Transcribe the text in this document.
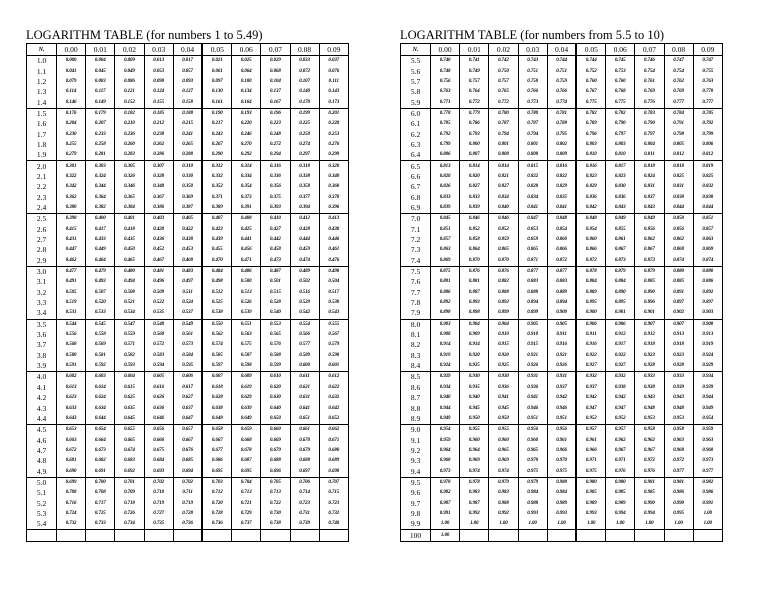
LOGARITHM TABLE (for numbers 1 to 5.49)
N.	0.00	0.01	0.02	0.03	0.04	0.05	0.06	0.07	0.08	0.09
1.0	0.000	0.004	0.009	0.013	0.017	0.021	0.025	0.029	0.033	0.037
1.1	0.041	0.045	0.049	0.053	0.057	0.061	0.064	0.068	0.072	0.076
1.2	0.079	0.083	0.086	0.090	0.093	0.097	0.100	0.104	0.107	0.111
1.3	0.114	0.117	0.121	0.124	0.127	0.130	0.134	0.137	0.140	0.143
1.4	0.146	0.149	0.152	0.155	0.158	0.161	0.164	0.167	0.170	0.173
1.5	0.176	0.179	0.182	0.185	0.188	0.190	0.193	0.196	0.199	0.201
1.6	0.204	0.207	0.210	0.212	0.215	0.217	0.220	0.223	0.225	0.228
1.7	0.230	0.233	0.236	0.238	0.241	0.243	0.246	0.248	0.250	0.253
1.8	0.255	0.258	0.260	0.262	0.265	0.267	0.270	0.272	0.274	0.276
1.9	0.279	0.281	0.283	0.286	0.288	0.290	0.292	0.294	0.297	0.299
2.0	0.301	0.303	0.305	0.307	0.310	0.312	0.314	0.316	0.318	0.320
2.1	0.322	0.324	0.326	0.328	0.330	0.332	0.334	0.336	0.338	0.340
2.2	0.342	0.344	0.346	0.348	0.350	0.352	0.354	0.356	0.358	0.360
2.3	0.362	0.364	0.365	0.367	0.369	0.371	0.373	0.375	0.377	0.378
2.4	0.380	0.382	0.384	0.386	0.387	0.389	0.391	0.393	0.394	0.396
2.5	0.398	0.400	0.401	0.403	0.405	0.407	0.408	0.410	0.412	0.413
2.6	0.415	0.417	0.418	0.420	0.422	0.423	0.425	0.427	0.428	0.430
2.7	0.431	0.433	0.435	0.436	0.438	0.439	0.441	0.442	0.444	0.446
2.8	0.447	0.449	0.450	0.452	0.453	0.455	0.456	0.458	0.459	0.461
2.9	0.462	0.464	0.465	0.467	0.468	0.470	0.471	0.473	0.474	0.476
3.0	0.477	0.479	0.480	0.481	0.483	0.484	0.486	0.487	0.489	0.490
3.1	0.491	0.493	0.494	0.496	0.497	0.498	0.500	0.501	0.502	0.504
3.2	0.505	0.507	0.508	0.509	0.511	0.512	0.513	0.515	0.516	0.517
3.3	0.519	0.520	0.521	0.522	0.524	0.525	0.526	0.528	0.529	0.530
3.4	0.531	0.533	0.534	0.535	0.537	0.538	0.539	0.540	0.542	0.543
3.5	0.544	0.545	0.547	0.548	0.549	0.550	0.551	0.553	0.554	0.555
3.6	0.556	0.558	0.559	0.560	0.561	0.562	0.563	0.565	0.566	0.567
3.7	0.568	0.569	0.571	0.572	0.573	0.574	0.575	0.576	0.577	0.579
3.8	0.580	0.581	0.582	0.583	0.584	0.585	0.587	0.588	0.589	0.590
3.9	0.591	0.592	0.593	0.594	0.595	0.597	0.598	0.599	0.600	0.601
4.0	0.602	0.603	0.604	0.605	0.606	0.607	0.609	0.610	0.611	0.612
4.1	0.613	0.614	0.615	0.616	0.617	0.618	0.619	0.620	0.621	0.622
4.2	0.623	0.624	0.625	0.626	0.627	0.628	0.629	0.630	0.631	0.632
4.3	0.633	0.634	0.635	0.636	0.637	0.638	0.639	0.640	0.641	0.642
4.4	0.643	0.644	0.645	0.646	0.647	0.648	0.649	0.650	0.651	0.652
4.5	0.653	0.654	0.655	0.656	0.657	0.658	0.659	0.660	0.661	0.662
4.6	0.663	0.664	0.665	0.666	0.667	0.667	0.668	0.669	0.670	0.671
4.7	0.672	0.673	0.674	0.675	0.676	0.677	0.678	0.679	0.679	0.680
4.8	0.681	0.682	0.683	0.684	0.685	0.686	0.687	0.688	0.688	0.689
4.9	0.690	0.691	0.692	0.693	0.694	0.695	0.695	0.696	0.697	0.698
5.0	0.699	0.700	0.701	0.702	0.702	0.703	0.704	0.705	0.706	0.707
5.1	0.708	0.708	0.709	0.710	0.711	0.712	0.713	0.713	0.714	0.715
5.2	0.716	0.717	0.718	0.719	0.719	0.720	0.721	0.722	0.723	0.723
5.3	0.724	0.725	0.726	0.727	0.728	0.728	0.729	0.730	0.731	0.732
5.4	0.732	0.733	0.734	0.735	0.736	0.736	0.737	0.738	0.739	0.740

LOGARITHM TABLE (for numbers from 5.5 to 10)
N.	0.00	0.01	0.02	0.03	0.04	0.05	0.06	0.07	0.08	0.09
5.5	0.740	0.741	0.742	0.743	0.744	0.744	0.745	0.746	0.747	0.747
5.6	0.748	0.749	0.750	0.751	0.751	0.752	0.753	0.754	0.754	0.755
5.7	0.756	0.757	0.757	0.758	0.759	0.760	0.760	0.761	0.762	0.763
5.8	0.763	0.764	0.765	0.766	0.766	0.767	0.768	0.769	0.769	0.770
5.9	0.771	0.772	0.772	0.773	0.774	0.775	0.775	0.776	0.777	0.777
6.0	0.778	0.779	0.780	0.780	0.781	0.782	0.782	0.783	0.784	0.785
6.1	0.785	0.786	0.787	0.787	0.788	0.789	0.790	0.790	0.791	0.792
6.2	0.792	0.793	0.794	0.794	0.795	0.796	0.797	0.797	0.798	0.799
6.3	0.799	0.800	0.801	0.801	0.802	0.803	0.803	0.804	0.805	0.806
6.4	0.806	0.807	0.808	0.808	0.809	0.810	0.810	0.811	0.812	0.812
6.5	0.813	0.814	0.814	0.815	0.816	0.816	0.817	0.818	0.818	0.819
6.6	0.820	0.820	0.821	0.822	0.822	0.823	0.823	0.824	0.825	0.825
6.7	0.826	0.827	0.827	0.828	0.829	0.829	0.830	0.831	0.831	0.832
6.8	0.833	0.833	0.834	0.834	0.835	0.836	0.836	0.837	0.838	0.838
6.9	0.839	0.839	0.840	0.841	0.841	0.842	0.843	0.843	0.844	0.844
7.0	0.845	0.846	0.846	0.847	0.848	0.848	0.849	0.849	0.850	0.851
7.1	0.851	0.852	0.852	0.853	0.854	0.854	0.855	0.856	0.856	0.857
7.2	0.857	0.858	0.859	0.859	0.860	0.860	0.861	0.862	0.862	0.863
7.3	0.863	0.864	0.865	0.865	0.866	0.866	0.867	0.867	0.868	0.869
7.4	0.869	0.870	0.870	0.871	0.872	0.872	0.873	0.873	0.874	0.874
7.5	0.875	0.876	0.876	0.877	0.877	0.878	0.879	0.879	0.880	0.880
7.6	0.881	0.881	0.882	0.883	0.883	0.884	0.884	0.885	0.885	0.886
7.7	0.886	0.887	0.888	0.888	0.889	0.889	0.890	0.890	0.891	0.892
7.8	0.892	0.893	0.893	0.894	0.894	0.895	0.895	0.896	0.897	0.897
7.9	0.898	0.898	0.899	0.899	0.900	0.900	0.901	0.901	0.902	0.903
8.0	0.903	0.904	0.904	0.905	0.905	0.906	0.906	0.907	0.907	0.908
8.1	0.908	0.909	0.910	0.910	0.911	0.911	0.912	0.912	0.913	0.913
8.2	0.914	0.914	0.915	0.915	0.916	0.916	0.917	0.918	0.918	0.919
8.3	0.919	0.920	0.920	0.921	0.921	0.922	0.922	0.923	0.923	0.924
8.4	0.924	0.925	0.925	0.926	0.926	0.927	0.927	0.928	0.928	0.929
8.5	0.929	0.930	0.930	0.931	0.931	0.932	0.932	0.933	0.933	0.934
8.6	0.934	0.935	0.936	0.936	0.937	0.937	0.938	0.938	0.939	0.939
8.7	0.940	0.940	0.941	0.941	0.942	0.942	0.942	0.943	0.943	0.944
8.8	0.944	0.945	0.945	0.946	0.946	0.947	0.947	0.948	0.948	0.949
8.9	0.949	0.950	0.950	0.951	0.951	0.952	0.952	0.953	0.953	0.954
9.0	0.954	0.955	0.955	0.956	0.956	0.957	0.957	0.958	0.958	0.959
9.1	0.959	0.960	0.960	0.960	0.961	0.961	0.962	0.962	0.963	0.963
9.2	0.964	0.964	0.965	0.965	0.966	0.966	0.967	0.967	0.968	0.968
9.3	0.968	0.969	0.969	0.970	0.970	0.971	0.971	0.972	0.972	0.973
9.4	0.973	0.974	0.974	0.975	0.975	0.975	0.976	0.976	0.977	0.977
9.5	0.978	0.978	0.979	0.979	0.980	0.980	0.980	0.981	0.981	0.982
9.6	0.982	0.983	0.983	0.984	0.984	0.985	0.985	0.985	0.986	0.986
9.7	0.987	0.987	0.988	0.988	0.989	0.989	0.989	0.990	0.990	0.991
9.8	0.991	0.992	0.992	0.993	0.993	0.993	0.994	0.994	0.995	1.00
9.9	1.00	1.00	1.00	1.00	1.00	1.00	1.00	1.00	1.00	1.00
100	1.00									
